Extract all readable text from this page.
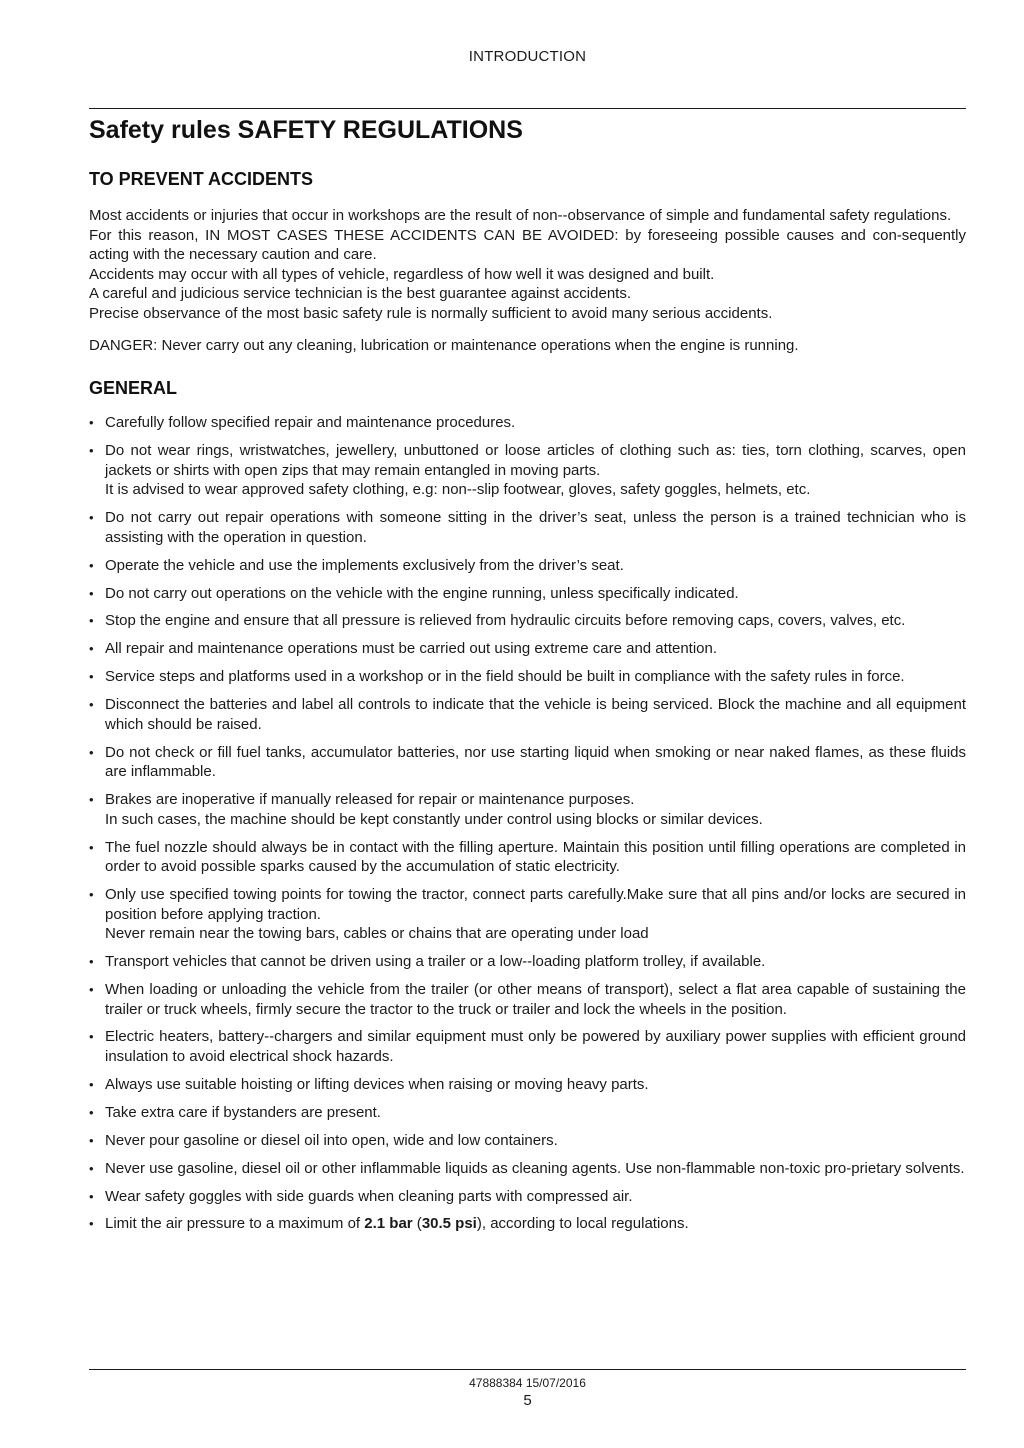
INTRODUCTION
Safety rules SAFETY REGULATIONS
TO PREVENT ACCIDENTS
Most accidents or injuries that occur in workshops are the result of non--observance of simple and fundamental safety regulations.
For this reason, IN MOST CASES THESE ACCIDENTS CAN BE AVOIDED: by foreseeing possible causes and con-sequently acting with the necessary caution and care.
Accidents may occur with all types of vehicle, regardless of how well it was designed and built.
A careful and judicious service technician is the best guarantee against accidents.
Precise observance of the most basic safety rule is normally sufficient to avoid many serious accidents.

DANGER: Never carry out any cleaning, lubrication or maintenance operations when the engine is running.

GENERAL
• Carefully follow specified repair and maintenance procedures.
• Do not wear rings, wristwatches, jewellery, unbuttoned or loose articles of clothing such as: ties, torn clothing, scarves, open jackets or shirts with open zips that may remain entangled in moving parts.
It is advised to wear approved safety clothing, e.g: non--slip footwear, gloves, safety goggles, helmets, etc.
• Do not carry out repair operations with someone sitting in the driver’s seat, unless the person is a trained technician who is assisting with the operation in question.
• Operate the vehicle and use the implements exclusively from the driver’s seat.
• Do not carry out operations on the vehicle with the engine running, unless specifically indicated.
• Stop the engine and ensure that all pressure is relieved from hydraulic circuits before removing caps, covers, valves, etc.
• All repair and maintenance operations must be carried out using extreme care and attention.
• Service steps and platforms used in a workshop or in the field should be built in compliance with the safety rules in force.
• Disconnect the batteries and label all controls to indicate that the vehicle is being serviced. Block the machine and all equipment which should be raised.
• Do not check or fill fuel tanks, accumulator batteries, nor use starting liquid when smoking or near naked flames, as these fluids are inflammable.
• Brakes are inoperative if manually released for repair or maintenance purposes.
In such cases, the machine should be kept constantly under control using blocks or similar devices.
• The fuel nozzle should always be in contact with the filling aperture. Maintain this position until filling operations are completed in order to avoid possible sparks caused by the accumulation of static electricity.
• Only use specified towing points for towing the tractor, connect parts carefully.Make sure that all pins and/or locks are secured in position before applying traction.
Never remain near the towing bars, cables or chains that are operating under load
• Transport vehicles that cannot be driven using a trailer or a low--loading platform trolley, if available.
• When loading or unloading the vehicle from the trailer (or other means of transport), select a flat area capable of sustaining the trailer or truck wheels, firmly secure the tractor to the truck or trailer and lock the wheels in the position.
• Electric heaters, battery--chargers and similar equipment must only be powered by auxiliary power supplies with efficient ground insulation to avoid electrical shock hazards.
• Always use suitable hoisting or lifting devices when raising or moving heavy parts.
• Take extra care if bystanders are present.
• Never pour gasoline or diesel oil into open, wide and low containers.
• Never use gasoline, diesel oil or other inflammable liquids as cleaning agents. Use non-flammable non-toxic pro-prietary solvents.
• Wear safety goggles with side guards when cleaning parts with compressed air.
• Limit the air pressure to a maximum of 2.1 bar (30.5 psi), according to local regulations.
47888384 15/07/2016
5
